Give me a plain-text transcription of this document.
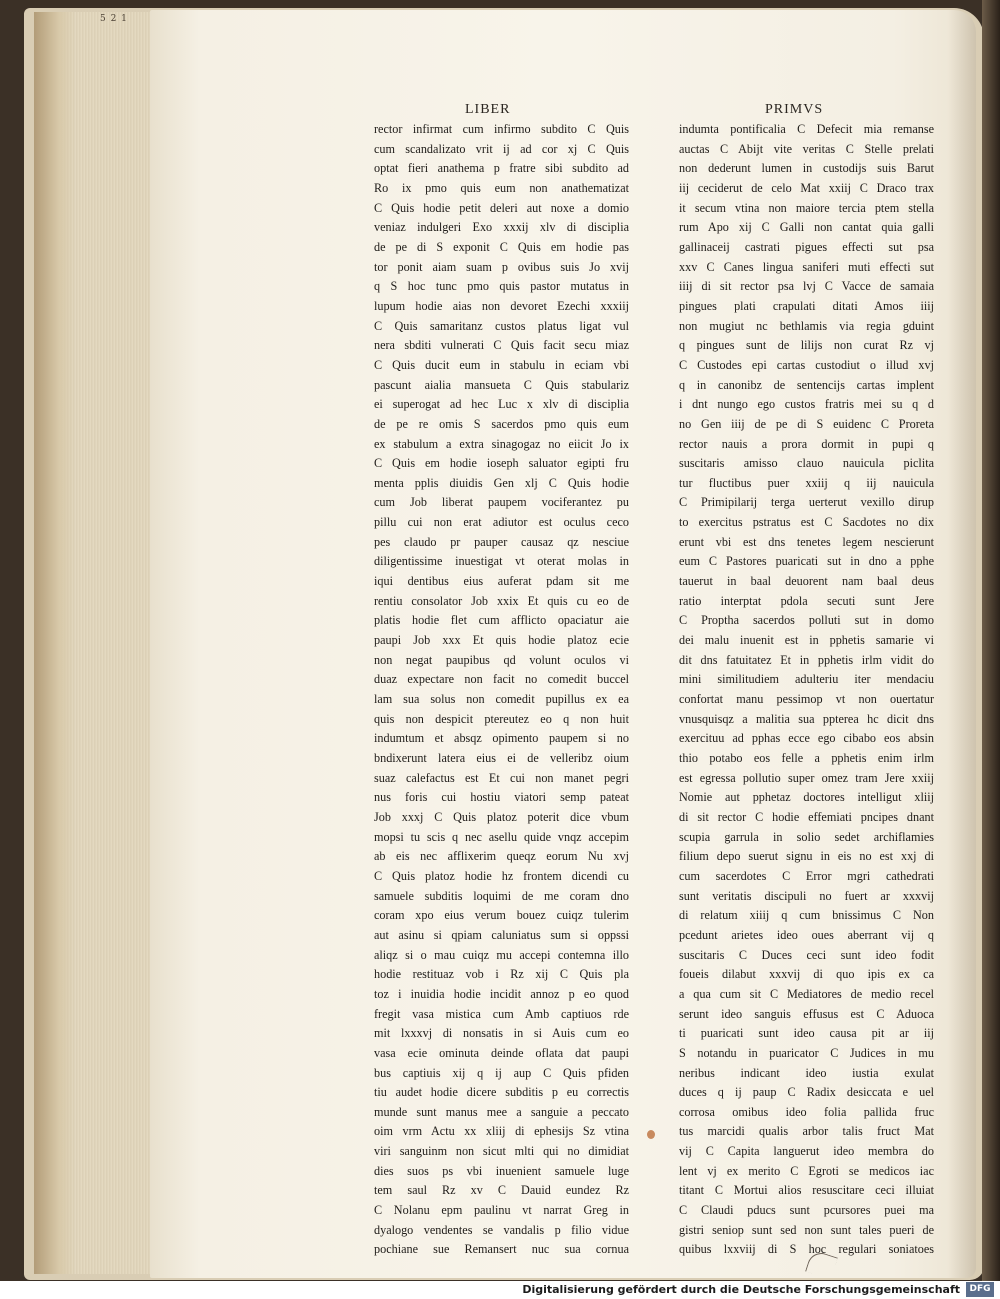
5 2 1
LIBER	PRIMVS
rector infirmat cum infirmo subdito C Quis
cum scandalizato vrit ij ad cor xj C Quis
optat fieri anathema p fratre sibi subdito ad
Ro ix pmo quis eum non anathematizat
C Quis hodie petit deleri aut noxe a domio
veniaz indulgeri Exo xxxij xlv di disciplia
de pe di S exponit C Quis em hodie pas
tor ponit aiam suam p ovibus suis Jo xvij
q S hoc tunc pmo quis pastor mutatus in
lupum hodie aias non devoret Ezechi xxxiij
C Quis samaritanz custos platus ligat vul
nera sbditi vulnerati C Quis facit secu miaz
C Quis ducit eum in stabulu in eciam vbi
pascunt aialia mansueta C Quis stabulariz
ei superogat ad hec Luc x xlv di disciplia
de pe re omis S sacerdos pmo quis eum
ex stabulum a extra sinagogaz no eiicit Jo ix
C Quis em hodie ioseph saluator egipti fru
menta pplis diuidis Gen xlj C Quis hodie
cum Job liberat paupem vociferantez pu
pillu cui non erat adiutor est oculus ceco
pes claudo pr pauper causaz qz nesciue
diligentissime inuestigat vt oterat molas in
iqui dentibus eius auferat pdam sit me
rentiu consolator Job xxix Et quis cu eo de
platis hodie flet cum afflicto opaciatur aie
paupi Job xxx Et quis hodie platoz ecie
non negat paupibus qd volunt oculos vi
duaz expectare non facit no comedit buccel
lam sua solus non comedit pupillus ex ea
quis non despicit ptereutez eo q non huit
indumtum et absqz opimento paupem si no
bndixerunt latera eius ei de velleribz oium
suaz calefactus est Et cui non manet pegri
nus foris cui hostiu viatori semp pateat
Job xxxj C Quis platoz poterit dice vbum
mopsi tu scis q nec asellu quide vnqz accepim
ab eis nec afflixerim queqz eorum Nu xvj
C Quis platoz hodie hz frontem dicendi cu
samuele subditis loquimi de me coram dno
coram xpo eius verum bouez cuiqz tulerim
aut asinu si qpiam caluniatus sum si oppssi
aliqz si o mau cuiqz mu accepi contemna illo
hodie restituaz vob i Rz xij C Quis pla
toz i inuidia hodie incidit annoz p eo quod
fregit vasa mistica cum Amb captiuos rde
mit lxxxvj di nonsatis in si Auis cum eo
vasa ecie ominuta deinde oflata dat paupi
bus captiuis xij q ij aup C Quis pfiden
tiu audet hodie dicere subditis p eu correctis
munde sunt manus mee a sanguie a peccato
oim vrm Actu xx xliij di ephesijs Sz vtina
viri sanguinm non sicut mlti qui no dimidiat
dies suos ps vbi inuenient samuele luge
tem saul Rz xv C Dauid eundez Rz
C Nolanu epm paulinu vt narrat Greg in
dyalogo vendentes se vandalis p filio vidue
pochiane sue Remansert nuc sua cornua
indumta pontificalia C Defecit mia remanse
auctas C Abijt vite veritas C Stelle prelati
non dederunt lumen in custodijs suis Barut
iij ceciderut de celo Mat xxiij C Draco trax
it secum vtina non maiore tercia ptem stella
rum Apo xij C Galli non cantat quia galli
gallinaceij castrati pigues effecti sut psa
xxv C Canes lingua saniferi muti effecti sut
iiij di sit rector psa lvj C Vacce de samaia
pingues plati crapulati ditati Amos iiij
non mugiut nc bethlamis via regia gduint
q pingues sunt de lilijs non curat Rz vj
C Custodes epi cartas custodiut o illud xvj
q in canonibz de sentencijs cartas implent
i dnt nungo ego custos fratris mei su q d
no Gen iiij de pe di S euidenc C Proreta
rector nauis a prora dormit in pupi q
suscitaris amisso clauo nauicula piclita
tur fluctibus puer xxiij q iij nauicula
C Primipilarij terga uerterut vexillo dirup
to exercitus pstratus est C Sacdotes no dix
erunt vbi est dns tenetes legem nescierunt
eum C Pastores puaricati sut in dno a pphe
tauerut in baal deuorent nam baal deus
ratio interptat pdola secuti sunt Jere
C Proptha sacerdos polluti sut in domo
dei malu inuenit est in pphetis samarie vi
dit dns fatuitatez Et in pphetis irlm vidit do
mini similitudiem adulteriu iter mendaciu
confortat manu pessimop vt non ouertatur
vnusquisqz a malitia sua ppterea hc dicit dns
exercituu ad pphas ecce ego cibabo eos absin
thio potabo eos felle a pphetis enim irlm
est egressa pollutio super omez tram Jere xxiij
Nomie aut pphetaz doctores intelligut xliij
di sit rector C hodie effemiati pncipes dnant
scupia garrula in solio sedet archiflamies
filium depo suerut signu in eis no est xxj di
cum sacerdotes C Error mgri cathedrati
sunt veritatis discipuli no fuert ar xxxvij
di relatum xiiij q cum bnissimus C Non
pcedunt arietes ideo oues aberrant vij q
suscitaris C Duces ceci sunt ideo fodit
foueis dilabut xxxvij di quo ipis ex ca
a qua cum sit C Mediatores de medio recel
serunt ideo sanguis effusus est C Aduoca
ti puaricati sunt ideo causa pit ar iij
S notandu in puaricator C Judices in mu
neribus indicant ideo iustia exulat
duces q ij paup C Radix desiccata e uel
corrosa omibus ideo folia pallida fruc
tus marcidi qualis arbor talis fruct Mat
vij C Capita languerut ideo membra do
lent vj ex merito C Egroti se medicos iac
titant C Mortui alios resuscitare ceci illuiat
C Claudi pducs sunt pcursores puei ma
gistri seniop sunt sed non sunt tales pueri de
quibus lxxviij di S hoc regulari soniatoes
Digitalisierung gefördert durch die Deutsche Forschungsgemeinschaft	DFG
